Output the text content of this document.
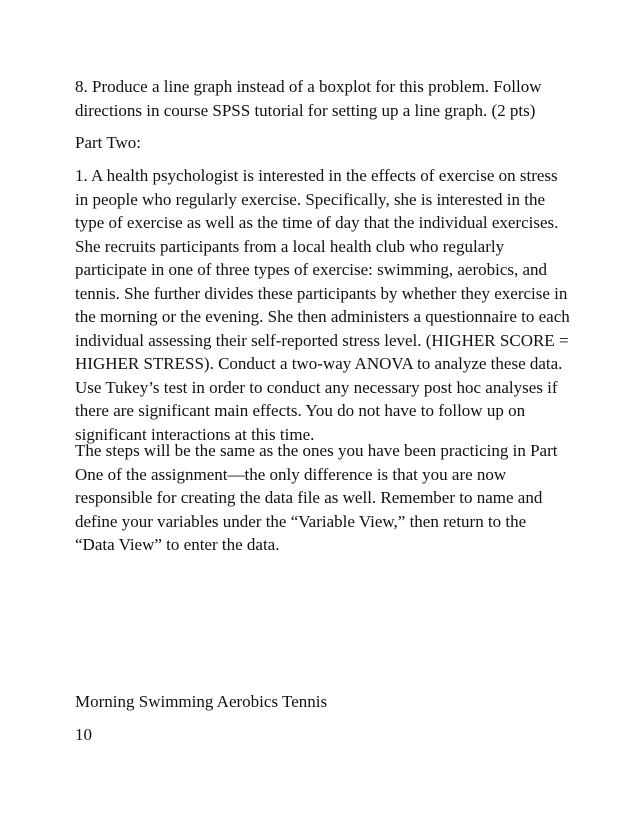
8. Produce a line graph instead of a boxplot for this problem. Follow
directions in course SPSS tutorial for setting up a line graph. (2 pts)

Part Two:

1. A health psychologist is interested in the effects of exercise on stress
in people who regularly exercise. Specifically, she is interested in the
type of exercise as well as the time of day that the individual exercises.
She recruits participants from a local health club who regularly
participate in one of three types of exercise: swimming, aerobics, and
tennis. She further divides these participants by whether they exercise in
the morning or the evening. She then administers a questionnaire to each
individual assessing their self-reported stress level. (HIGHER SCORE =
HIGHER STRESS). Conduct a two-way ANOVA to analyze these data.
Use Tukey’s test in order to conduct any necessary post hoc analyses if
there are significant main effects. You do not have to follow up on
significant interactions at this time.

The steps will be the same as the ones you have been practicing in Part
One of the assignment—the only difference is that you are now
responsible for creating the data file as well. Remember to name and
define your variables under the “Variable View,” then return to the
“Data View” to enter the data.

Morning Swimming Aerobics Tennis

10
